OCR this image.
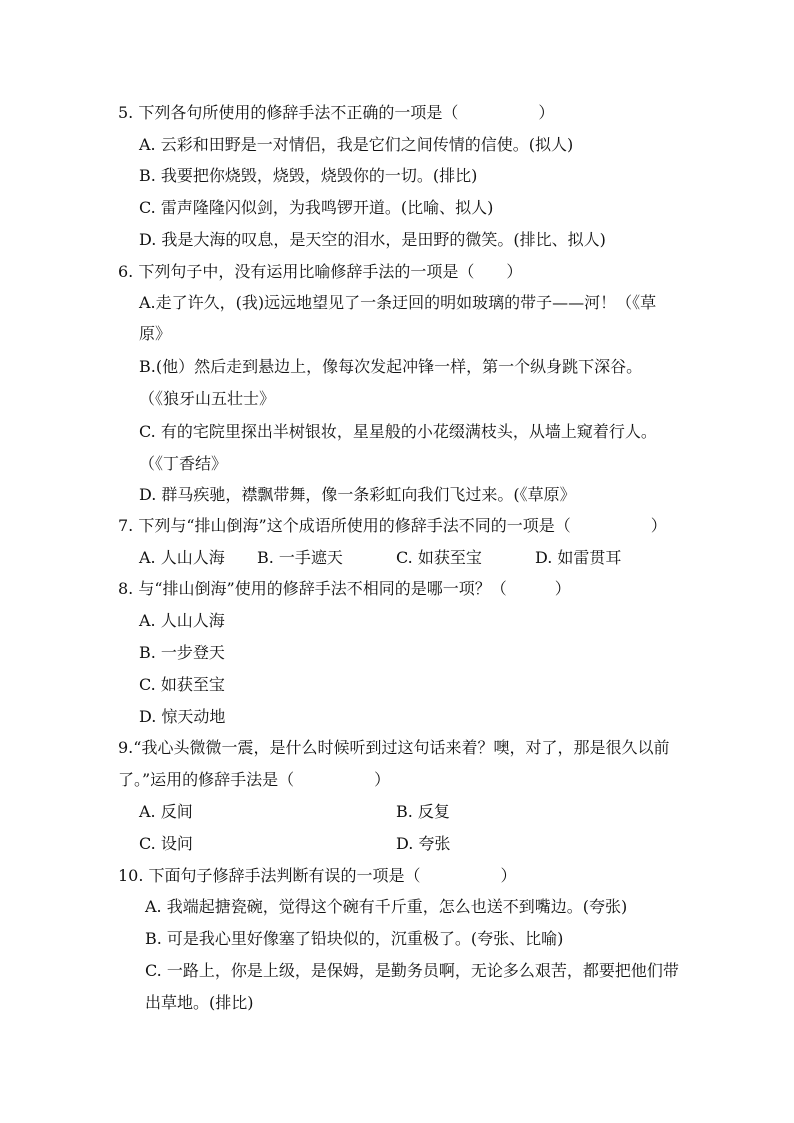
5. 下列各句所使用的修辞手法不正确的一项是（　　　　　）
A. 云彩和田野是一对情侣，我是它们之间传情的信使。(拟人)
B. 我要把你烧毁，烧毁，烧毁你的一切。(排比)
C. 雷声隆隆闪似剑，为我鸣锣开道。(比喻、拟人)
D. 我是大海的叹息，是天空的泪水，是田野的微笑。(排比、拟人)
6. 下列句子中，没有运用比喻修辞手法的一项是（　　）
A.走了许久，(我)远远地望见了一条迂回的明如玻璃的带子——河！（《草
原》
B.(他）然后走到悬边上，像每次发起冲锋一样，第一个纵身跳下深谷。
（《狼牙山五壮士》
C. 有的宅院里探出半树银妆，星星般的小花缀满枝头，从墙上窥着行人。
（《丁香结》
D. 群马疾驰，襟飘带舞，像一条彩虹向我们飞过来。(《草原》
7. 下列与“排山倒海”这个成语所使用的修辞手法不同的一项是（　　　　　）
A. 人山人海 B. 一手遮天	C. 如获至宝	D. 如雷贯耳
8. 与“排山倒海”使用的修辞手法不相同的是哪一项？（　　　）
A. 人山人海
B. 一步登天
C. 如获至宝
D. 惊天动地
9.“我心头微微一震，是什么时候听到过这句话来着？噢，对了，那是很久以前
了。”运用的修辞手法是（　　　　　）
A. 反间	B. 反复
C. 设问	D. 夸张
10. 下面句子修辞手法判断有误的一项是（　　　　　）
A. 我端起搪瓷碗，觉得这个碗有千斤重，怎么也送不到嘴边。(夸张)
B. 可是我心里好像塞了铅块似的，沉重极了。(夸张、比喻)
C. 一路上，你是上级，是保姆，是勤务员啊，无论多么艰苦，都要把他们带
出草地。(排比)
